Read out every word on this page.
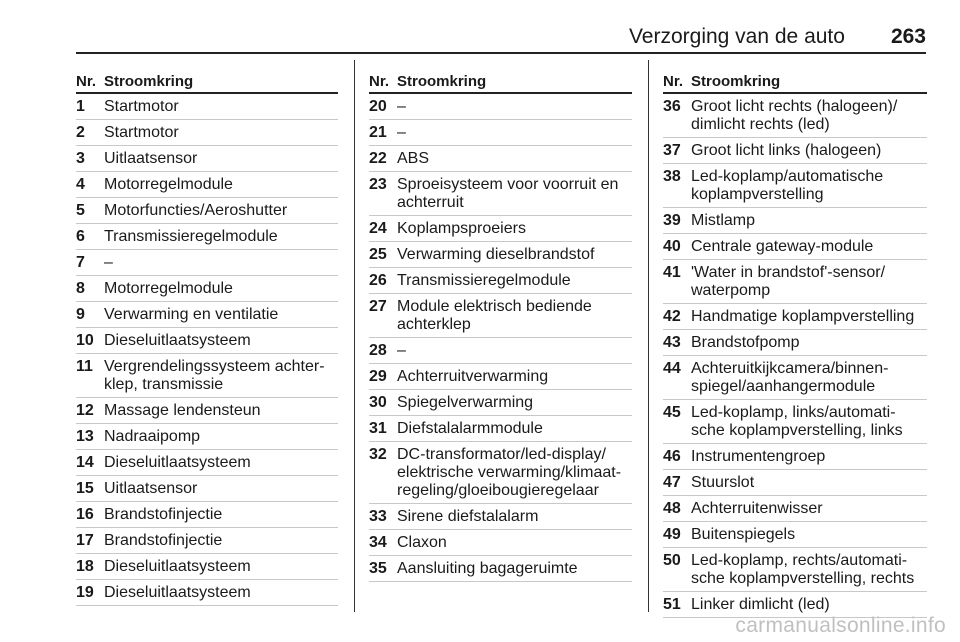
Verzorging van de auto 263
Nr. Stroomkring
1	Startmotor
2	Startmotor
3	Uitlaatsensor
4	Motorregelmodule
5	Motorfuncties/Aeroshutter
6	Transmissieregelmodule
7	–
8	Motorregelmodule
9	Verwarming en ventilatie
10 Dieseluitlaatsysteem
11 Vergrendelingssysteem achter-klep, transmissie
12 Massage lendensteun
13 Nadraaipomp
14 Dieseluitlaatsysteem
15 Uitlaatsensor
16 Brandstofinjectie
17 Brandstofinjectie
18 Dieseluitlaatsysteem
19 Dieseluitlaatsysteem
Nr. Stroomkring
20 –
21 –
22 ABS
23 Sproeisysteem voor voorruit en achterruit
24 Koplampsproeiers
25 Verwarming dieselbrandstof
26 Transmissieregelmodule
27 Module elektrisch bediende achterklep
28 –
29 Achterruitverwarming
30 Spiegelverwarming
31 Diefstalalarmmodule
32 DC-transformator/led-display/ elektrische verwarming/klimaat-regeling/gloeibougieregelaar
33 Sirene diefstalalarm
34 Claxon
35 Aansluiting bagageruimte
Nr. Stroomkring
36 Groot licht rechts (halogeen)/ dimlicht rechts (led)
37 Groot licht links (halogeen)
38 Led-koplamp/automatische koplampverstelling
39 Mistlamp
40 Centrale gateway-module
41 'Water in brandstof'-sensor/ waterpomp
42 Handmatige koplampverstelling
43 Brandstofpomp
44 Achteruitkijkcamera/binnen-spiegel/aanhangermodule
45 Led-koplamp, links/automati-sche koplampverstelling, links
46 Instrumentengroep
47 Stuurslot
48 Achterruitenwisser
49 Buitenspiegels
50 Led-koplamp, rechts/automati-sche koplampverstelling, rechts
51 Linker dimlicht (led)
carmanualsonline.info
